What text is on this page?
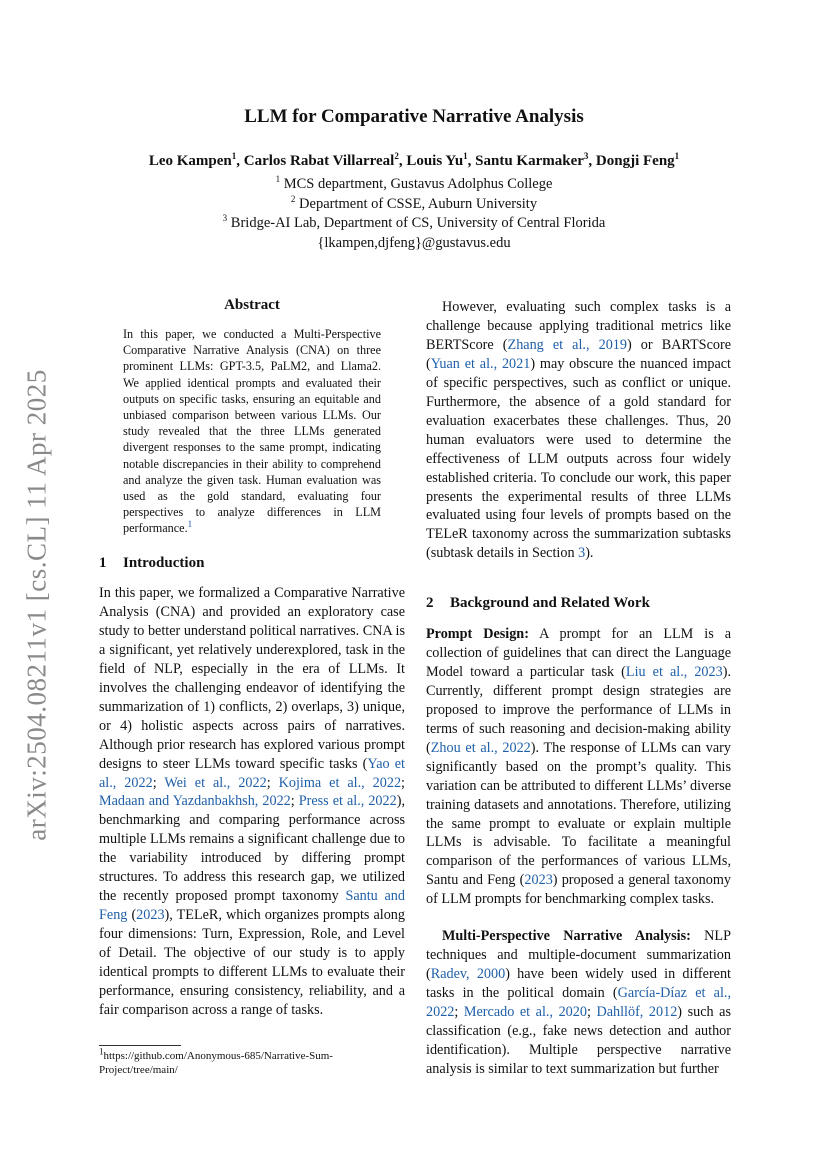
arXiv:2504.08211v1 [cs.CL] 11 Apr 2025
LLM for Comparative Narrative Analysis
Leo Kampen$^1$, Carlos Rabat Villarreal$^2$, Louis Yu$^1$, Santu Karmaker$^3$, Dongji Feng$^1$
$^1$ MCS department, Gustavus Adolphus College
$^2$ Department of CSSE, Auburn University
$^3$ Bridge-AI Lab, Department of CS, University of Central Florida
{lkampen,djfeng}@gustavus.edu
Abstract
In this paper, we conducted a Multi-Perspective Comparative Narrative Analysis (CNA) on three prominent LLMs: GPT-3.5, PaLM2, and Llama2. We applied identical prompts and evaluated their outputs on specific tasks, ensuring an equitable and unbiased comparison between various LLMs. Our study revealed that the three LLMs generated divergent responses to the same prompt, indicating notable discrepancies in their ability to comprehend and analyze the given task. Human evaluation was used as the gold standard, evaluating four perspectives to analyze differences in LLM performance.$^1$
1 Introduction
In this paper, we formalized a Comparative Narrative Analysis (CNA) and provided an exploratory case study to better understand political narratives. CNA is a significant, yet relatively underexplored, task in the field of NLP, especially in the era of LLMs. It involves the challenging endeavor of identifying the summarization of 1) conflicts, 2) overlaps, 3) unique, or 4) holistic aspects across pairs of narratives. Although prior research has explored various prompt designs to steer LLMs toward specific tasks (Yao et al., 2022; Wei et al., 2022; Kojima et al., 2022; Madaan and Yazdanbakhsh, 2022; Press et al., 2022), benchmarking and comparing performance across multiple LLMs remains a significant challenge due to the variability introduced by differing prompt structures. To address this research gap, we utilized the recently proposed prompt taxonomy Santu and Feng (2023), TELeR, which organizes prompts along four dimensions: Turn, Expression, Role, and Level of Detail. The objective of our study is to apply identical prompts to different LLMs to evaluate their performance, ensuring consistency, reliability, and a fair comparison across a range of tasks.
$^1$https://github.com/Anonymous-685/Narrative-Sum-Project/tree/main/
However, evaluating such complex tasks is a challenge because applying traditional metrics like BERTScore (Zhang et al., 2019) or BARTScore (Yuan et al., 2021) may obscure the nuanced impact of specific perspectives, such as conflict or unique. Furthermore, the absence of a gold standard for evaluation exacerbates these challenges. Thus, 20 human evaluators were used to determine the effectiveness of LLM outputs across four widely established criteria. To conclude our work, this paper presents the experimental results of three LLMs evaluated using four levels of prompts based on the TELeR taxonomy across the summarization subtasks (subtask details in Section 3).
2 Background and Related Work
Prompt Design: A prompt for an LLM is a collection of guidelines that can direct the Language Model toward a particular task (Liu et al., 2023). Currently, different prompt design strategies are proposed to improve the performance of LLMs in terms of such reasoning and decision-making ability (Zhou et al., 2022). The response of LLMs can vary significantly based on the prompt’s quality. This variation can be attributed to different LLMs’ diverse training datasets and annotations. Therefore, utilizing the same prompt to evaluate or explain multiple LLMs is advisable. To facilitate a meaningful comparison of the performances of various LLMs, Santu and Feng (2023) proposed a general taxonomy of LLM prompts for benchmarking complex tasks.
Multi-Perspective Narrative Analysis: NLP techniques and multiple-document summarization (Radev, 2000) have been widely used in different tasks in the political domain (García-Díaz et al., 2022; Mercado et al., 2020; Dahllöf, 2012) such as classification (e.g., fake news detection and author identification). Multiple perspective narrative analysis is similar to text summarization but further
